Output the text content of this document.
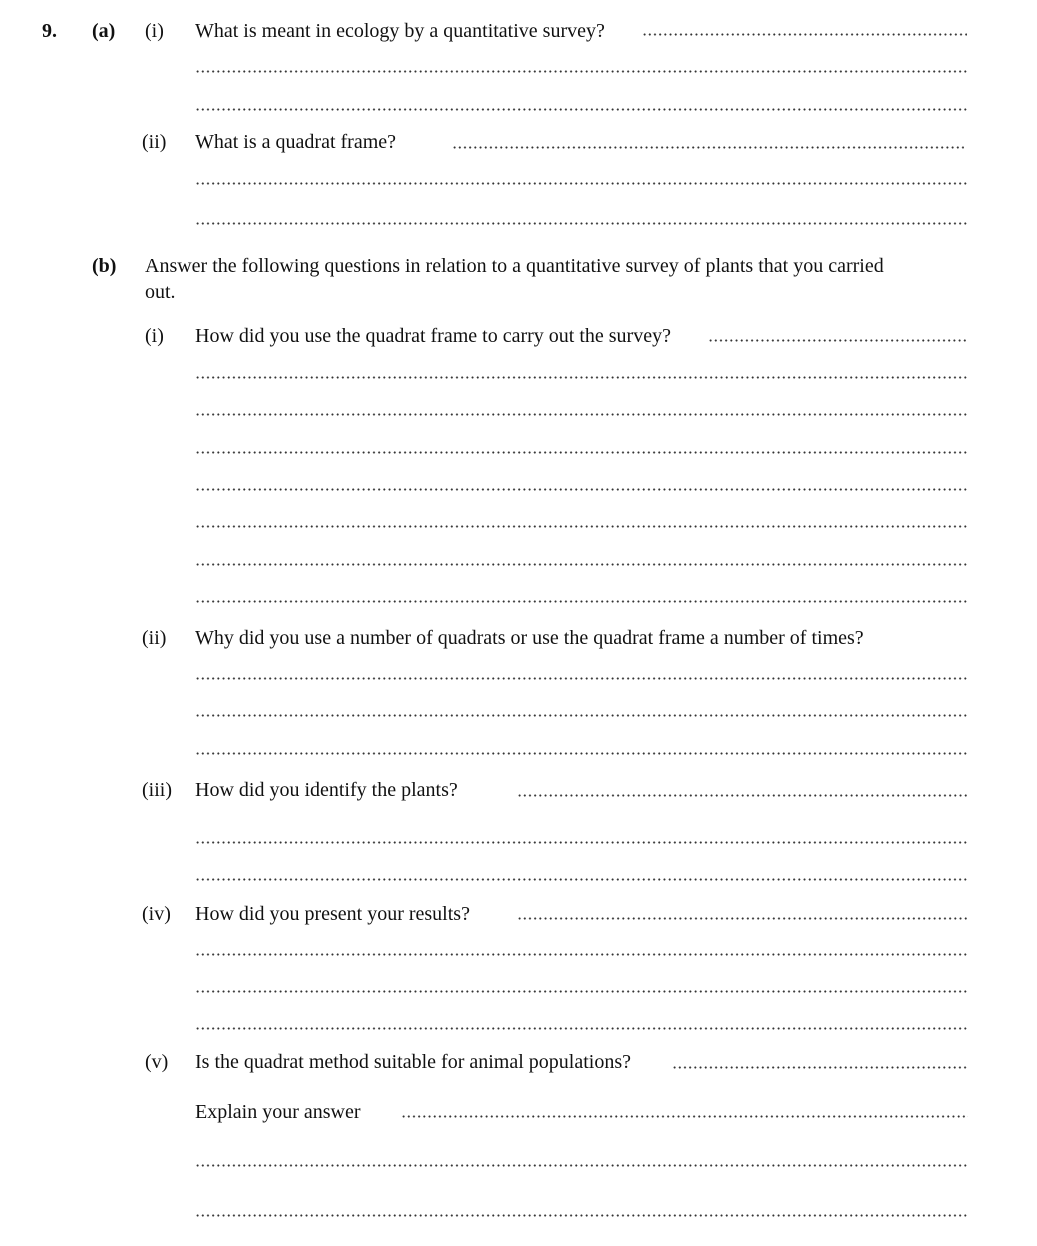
9. (a) (i) What is meant in ecology by a quantitative survey?
(ii) What is a quadrat frame?
(b) Answer the following questions in relation to a quantitative survey of plants that you carried
out.
(i) How did you use the quadrat frame to carry out the survey?
(ii) Why did you use a number of quadrats or use the quadrat frame a number of times?
(iii) How did you identify the plants?
(iv) How did you present your results?
(v) Is the quadrat method suitable for animal populations?
Explain your answer
